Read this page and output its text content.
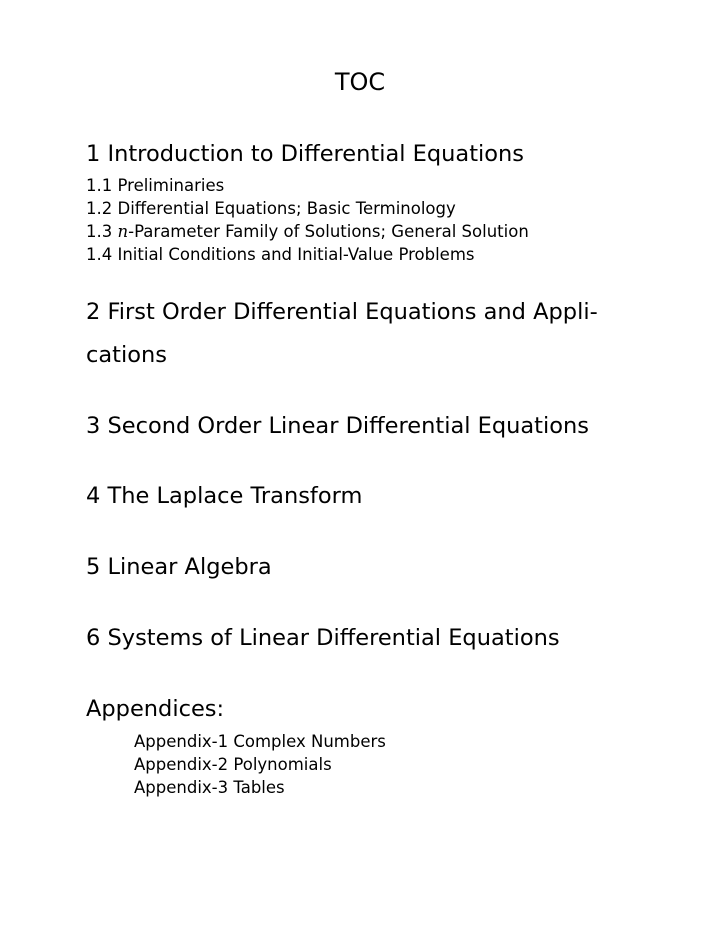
TOC
1 Introduction to Differential Equations
1.1 Preliminaries
1.2 Differential Equations; Basic Terminology
1.3 n-Parameter Family of Solutions; General Solution
1.4 Initial Conditions and Initial-Value Problems
2 First Order Differential Equations and Appli-
cations
3 Second Order Linear Differential Equations
4 The Laplace Transform
5 Linear Algebra
6 Systems of Linear Differential Equations
Appendices:
Appendix-1 Complex Numbers
Appendix-2 Polynomials
Appendix-3 Tables
